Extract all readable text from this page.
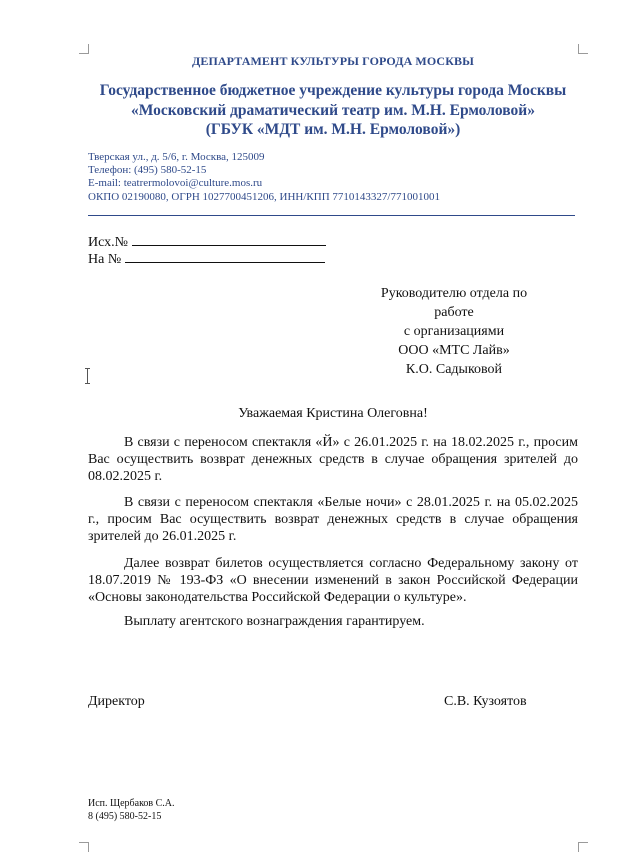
ДЕПАРТАМЕНТ КУЛЬТУРЫ ГОРОДА МОСКВЫ
Государственное бюджетное учреждение культуры города Москвы
«Московский драматический театр им. М.Н. Ермоловой»
(ГБУК «МДТ им. М.Н. Ермоловой»)
Тверская ул., д. 5/6, г. Москва, 125009
Телефон: (495) 580-52-15
E-mail: teatrermolovoi@culture.mos.ru
ОКПО 02190080, ОГРН 1027700451206, ИНН/КПП 7710143327/771001001
Исх.№
На №
Руководителю отдела по работе
с организациями
ООО «МТС Лайв»
К.О. Садыковой
Уважаемая Кристина Олеговна!
В связи с переносом спектакля «Й» с 26.01.2025 г. на 18.02.2025 г., просим Вас осуществить возврат денежных средств в случае обращения зрителей до 08.02.2025 г.
В связи с переносом спектакля «Белые ночи» с 28.01.2025 г. на 05.02.2025 г., просим Вас осуществить возврат денежных средств в случае обращения зрителей до 26.01.2025 г.
Далее возврат билетов осуществляется согласно Федеральному закону от 18.07.2019 № 193-ФЗ «О внесении изменений в закон Российской Федерации «Основы законодательства Российской Федерации о культуре».
Выплату агентского вознаграждения гарантируем.
Директор	С.В. Кузоятов
Исп. Щербаков С.А.
8 (495) 580-52-15
